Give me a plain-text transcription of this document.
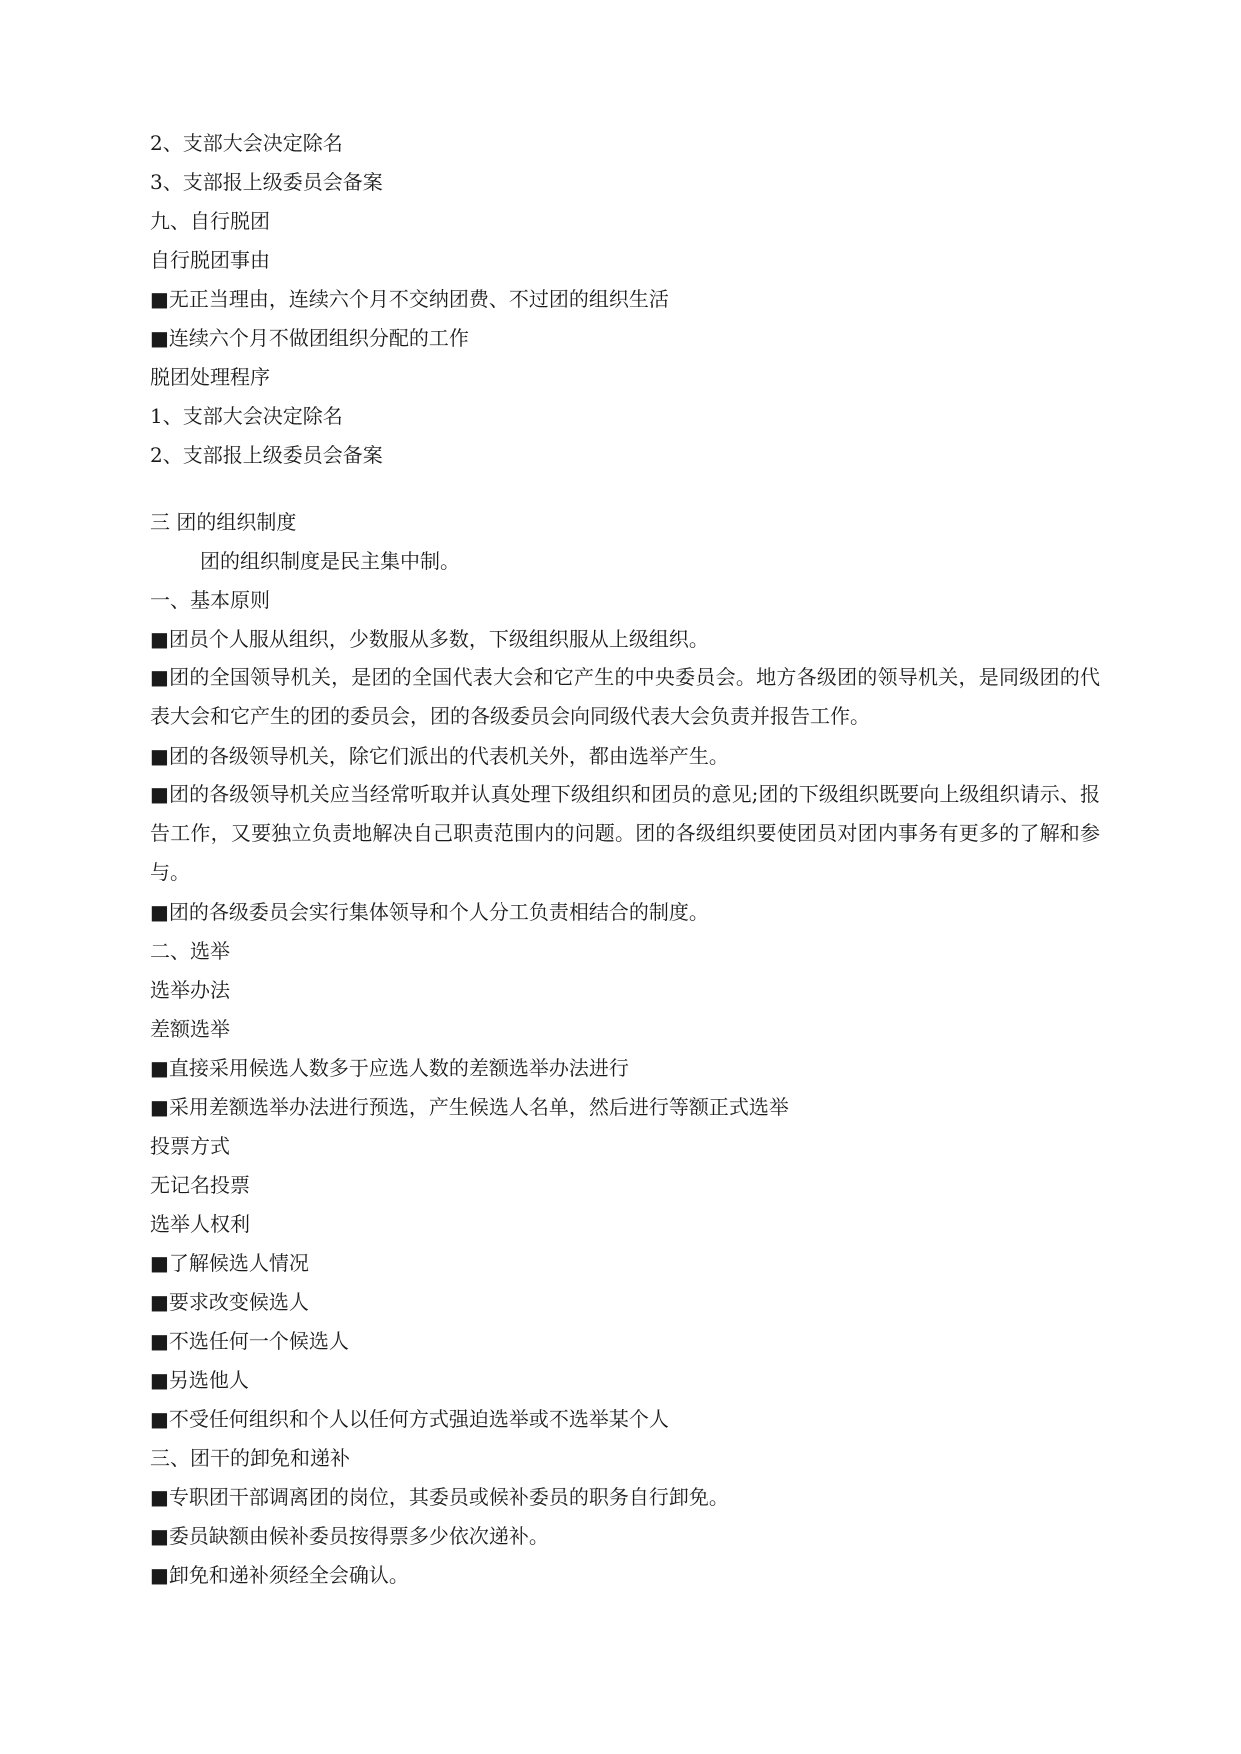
2、支部大会决定除名
3、支部报上级委员会备案
九、自行脱团
自行脱团事由
■无正当理由，连续六个月不交纳团费、不过团的组织生活
■连续六个月不做团组织分配的工作
脱团处理程序
1、支部大会决定除名
2、支部报上级委员会备案
三 团的组织制度
团的组织制度是民主集中制。
一、基本原则
■团员个人服从组织，少数服从多数，下级组织服从上级组织。
■团的全国领导机关，是团的全国代表大会和它产生的中央委员会。地方各级团的领导机关，是同级团的代表大会和它产生的团的委员会，团的各级委员会向同级代表大会负责并报告工作。
■团的各级领导机关，除它们派出的代表机关外，都由选举产生。
■团的各级领导机关应当经常听取并认真处理下级组织和团员的意见;团的下级组织既要向上级组织请示、报告工作，又要独立负责地解决自己职责范围内的问题。团的各级组织要使团员对团内事务有更多的了解和参与。
■团的各级委员会实行集体领导和个人分工负责相结合的制度。
二、选举
选举办法
差额选举
■直接采用候选人数多于应选人数的差额选举办法进行
■采用差额选举办法进行预选，产生候选人名单，然后进行等额正式选举
投票方式
无记名投票
选举人权利
■了解候选人情况
■要求改变候选人
■不选任何一个候选人
■另选他人
■不受任何组织和个人以任何方式强迫选举或不选举某个人
三、团干的卸免和递补
■专职团干部调离团的岗位，其委员或候补委员的职务自行卸免。
■委员缺额由候补委员按得票多少依次递补。
■卸免和递补须经全会确认。
